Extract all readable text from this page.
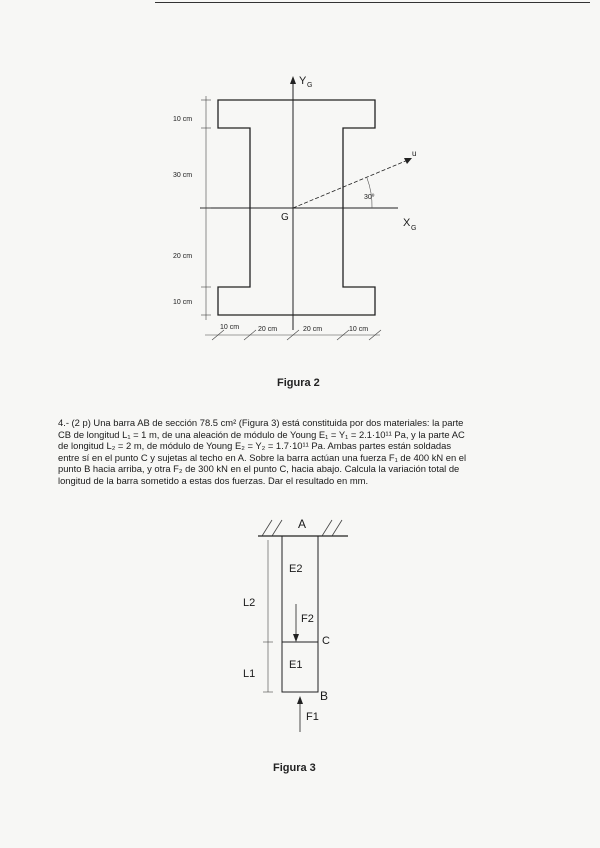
Y G
X G
G
u
30º
10 cm
30 cm
20 cm
10 cm
10 cm	20 cm	20 cm	10 cm
Figura 2
4.- (2 p) Una barra AB de sección 78.5 cm² (Figura 3) está constituida por dos materiales: la parte
CB de longitud L₁ = 1 m, de una aleación de módulo de Young E₁ = Y₁ = 2.1·10¹¹ Pa, y la parte AC
de longitud L₂ = 2 m, de módulo de Young E₂ = Y₂ = 1.7·10¹¹ Pa. Ambas partes están soldadas
entre sí en el punto C y sujetas al techo en A. Sobre la barra actúan una fuerza F₁ de 400 kN en el
punto B hacia arriba, y otra F₂ de 300 kN en el punto C, hacia abajo. Calcula la variación total de
longitud de la barra sometido a estas dos fuerzas. Dar el resultado en mm.
A
E2
F2
C
E1
B
F1
L2
L1
Figura 3
